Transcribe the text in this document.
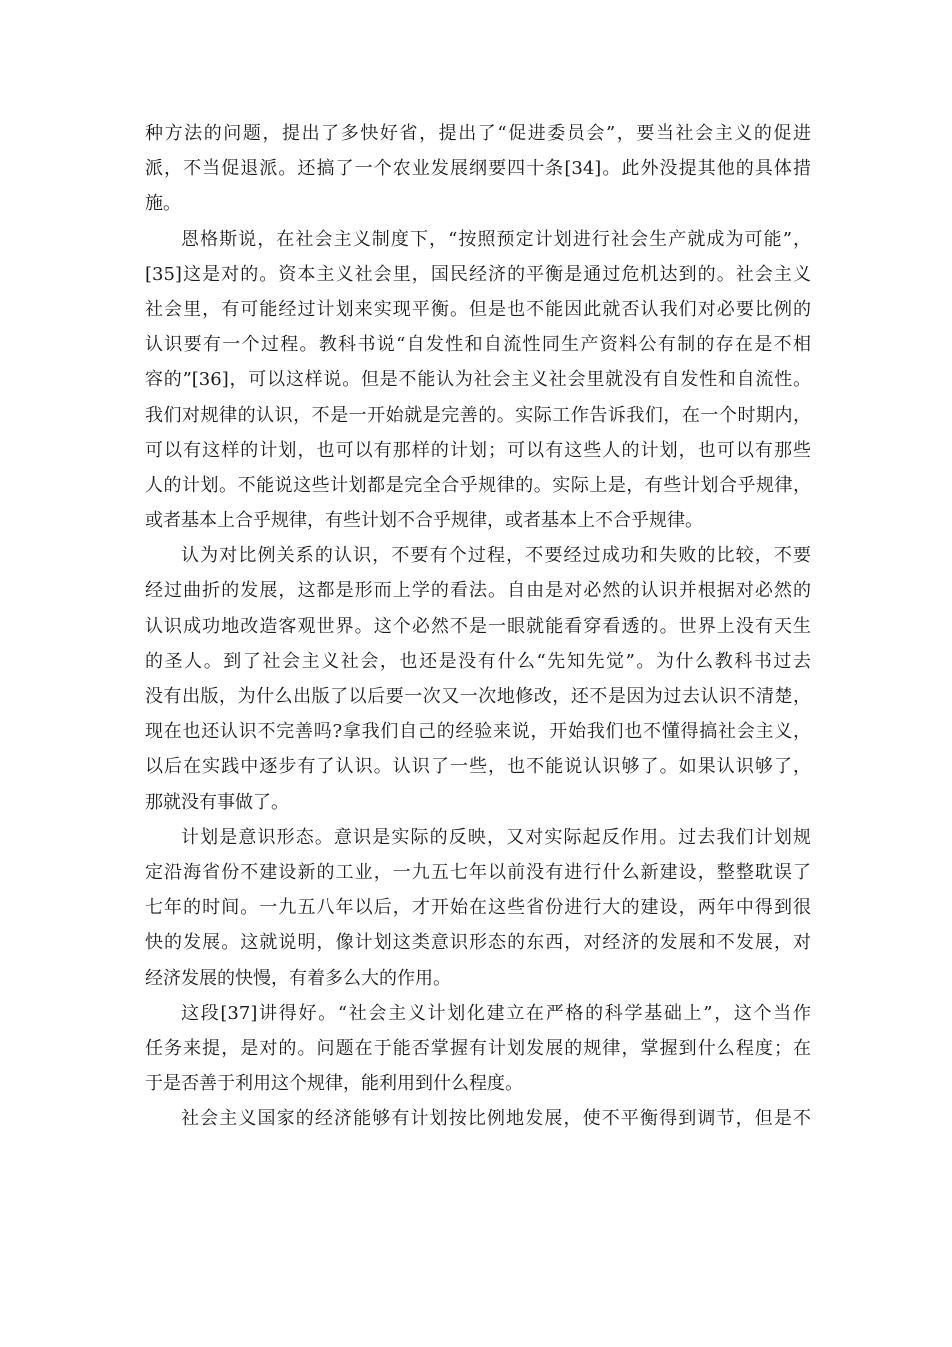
种方法的问题，提出了多快好省，提出了“促进委员会”，要当社会主义的促进
派，不当促退派。还搞了一个农业发展纲要四十条[34]。此外没提其他的具体措
施。
恩格斯说，在社会主义制度下，“按照预定计划进行社会生产就成为可能”，
[35]这是对的。资本主义社会里，国民经济的平衡是通过危机达到的。社会主义
社会里，有可能经过计划来实现平衡。但是也不能因此就否认我们对必要比例的
认识要有一个过程。教科书说“自发性和自流性同生产资料公有制的存在是不相
容的”[36]，可以这样说。但是不能认为社会主义社会里就没有自发性和自流性。
我们对规律的认识，不是一开始就是完善的。实际工作告诉我们，在一个时期内，
可以有这样的计划，也可以有那样的计划；可以有这些人的计划，也可以有那些
人的计划。不能说这些计划都是完全合乎规律的。实际上是，有些计划合乎规律，
或者基本上合乎规律，有些计划不合乎规律，或者基本上不合乎规律。
认为对比例关系的认识，不要有个过程，不要经过成功和失败的比较，不要
经过曲折的发展，这都是形而上学的看法。自由是对必然的认识并根据对必然的
认识成功地改造客观世界。这个必然不是一眼就能看穿看透的。世界上没有天生
的圣人。到了社会主义社会，也还是没有什么“先知先觉”。为什么教科书过去
没有出版，为什么出版了以后要一次又一次地修改，还不是因为过去认识不清楚，
现在也还认识不完善吗?拿我们自己的经验来说，开始我们也不懂得搞社会主义，
以后在实践中逐步有了认识。认识了一些，也不能说认识够了。如果认识够了，
那就没有事做了。
计划是意识形态。意识是实际的反映，又对实际起反作用。过去我们计划规
定沿海省份不建设新的工业，一九五七年以前没有进行什么新建设，整整耽误了
七年的时间。一九五八年以后，才开始在这些省份进行大的建设，两年中得到很
快的发展。这就说明，像计划这类意识形态的东西，对经济的发展和不发展，对
经济发展的快慢，有着多么大的作用。
这段[37]讲得好。“社会主义计划化建立在严格的科学基础上”，这个当作
任务来提，是对的。问题在于能否掌握有计划发展的规律，掌握到什么程度；在
于是否善于利用这个规律，能利用到什么程度。
社会主义国家的经济能够有计划按比例地发展，使不平衡得到调节，但是不
